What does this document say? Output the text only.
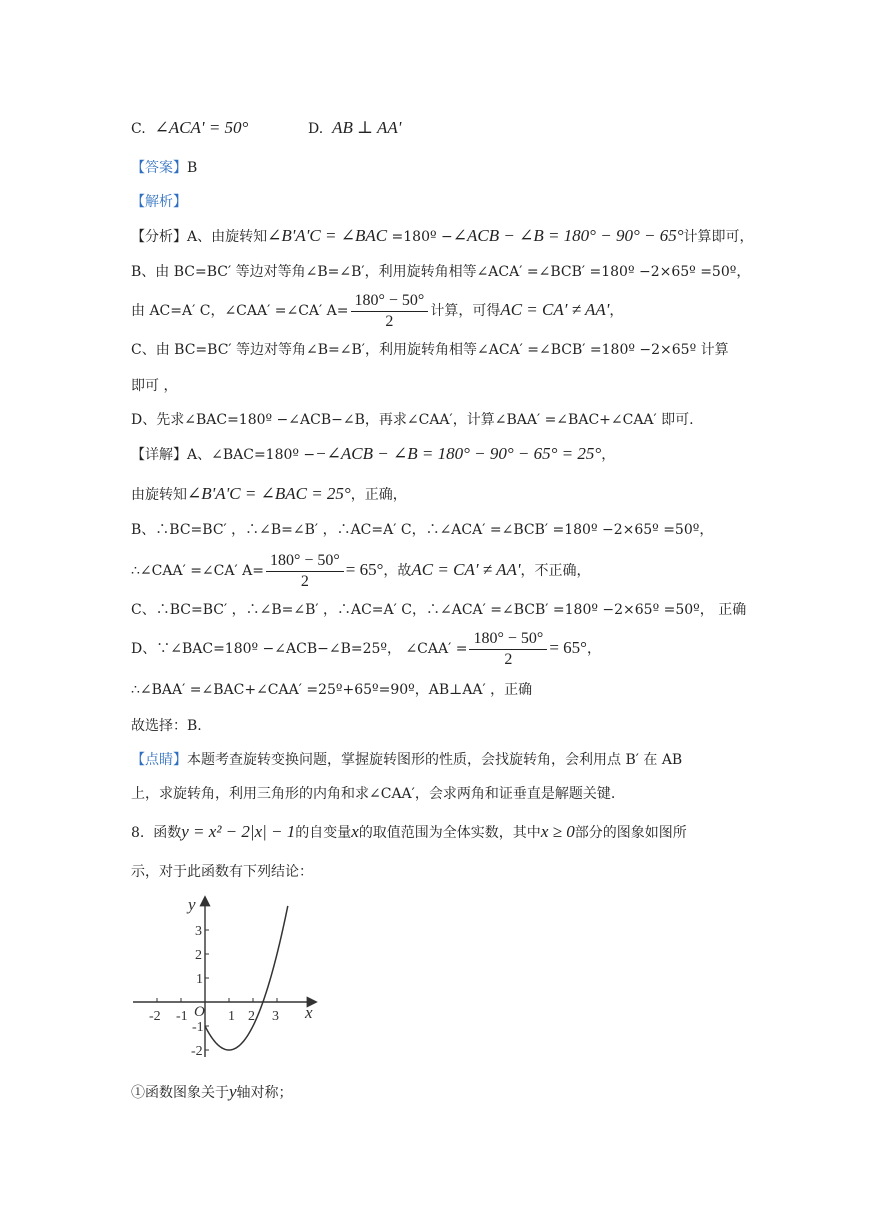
C. ∠ACA' = 50°	D. AB ⊥ AA'
【答案】B
【解析】
【分析】A、由旋转知∠B'A'C = ∠BAC =180º −∠ACB − ∠B = 180° − 90° − 65°计算即可，
B、由 BC=BC′ 等边对等角∠B=∠B′，利用旋转角相等∠ACA′ =∠BCB′ =180º −2×65º =50º，
由 AC=A′ C，∠CAA′ =∠CA′ $A= \frac{180^\circ - 50^\circ}{2}$ 计算，可得AC = CA′ ≠ AA'，
C、由 BC=BC′ 等边对等角∠B=∠B′，利用旋转角相等∠ACA′ =∠BCB′ =180º −2×65º 计算
即可 ，
D、先求∠BAC=180º −∠ACB−∠B，再求∠CAA′，计算∠BAA′ =∠BAC+∠CAA′ 即可.
【详解】A、∠BAC=180º −−∠ACB − ∠B = 180° − 90° − 65° = 25°，
由旋转知∠B'A'C = ∠BAC = 25°，正确，
B、∴BC=BC′ ，∴∠B=∠B′ ，∴AC=A′ C，∴∠ACA′ =∠BCB′ =180º −2×65º =50º，
∴∠CAA′ =∠CA′ $A= \frac{180^\circ - 50^\circ}{2} = 65^\circ$，故AC = CA′ ≠ AA'，不正确，
C、∴BC=BC′ ，∴∠B=∠B′ ，∴AC=A′ C，∴∠ACA′ =∠BCB′ =180º −2×65º =50º， 正确
D、∵∠BAC=180º −∠ACB−∠B=25º， ∠CAA′ = $\frac{180^\circ - 50^\circ}{2} = 65^\circ$，
∴∠BAA′ =∠BAC+∠CAA′ =25º+65º=90º，AB⊥AA′ ，正确
故选择：B.
【点睛】本题考查旋转变换问题，掌握旋转图形的性质，会找旋转角，会利用点 B′ 在 AB
上，求旋转角，利用三角形的内角和求∠CAA′，会求两角和证垂直是解题关键.
8. 函数y = x² − 2|x| − 1的自变量x的取值范围为全体实数，其中x ≥ 0部分的图象如图所
示，对于此函数有下列结论：
-2 -1	1 2 3
3
2
1
-1
-2
O	x
y
①函数图象关于y轴对称；
